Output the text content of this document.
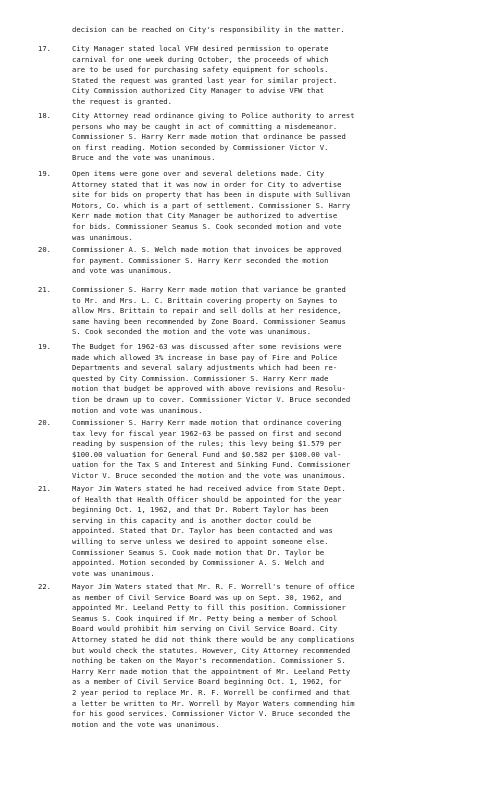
decision can be reached on City's responsibility in the matter.
17.	City Manager stated local VFW desired permission to operate
carnival for one week during October, the proceeds of which
are to be used for purchasing safety equipment for schools.
Stated the request was granted last year for similar project.
City Commission authorized City Manager to advise VFW that
the request is granted.
18.	City Attorney read ordinance giving to Police authority to arrest
persons who may be caught in act of committing a misdemeanor.
Commissioner S. Harry Kerr made motion that ordinance be passed
on first reading. Motion seconded by Commissioner Victor V.
Bruce and the vote was unanimous.
19.	Open items were gone over and several deletions made. City
Attorney stated that it was now in order for City to advertise
site for bids on property that has been in dispute with Sullivan
Motors, Co. which is a part of settlement. Commissioner S. Harry
Kerr made motion that City Manager be authorized to advertise
for bids. Commissioner Seamus S. Cook seconded motion and vote
was unanimous.
20.	Commissioner A. S. Welch made motion that invoices be approved
for payment. Commissioner S. Harry Kerr seconded the motion
and vote was unanimous.
21.	Commissioner S. Harry Kerr made motion that variance be granted
to Mr. and Mrs. L. C. Brittain covering property on Saynes to
allow Mrs. Brittain to repair and sell dolls at her residence,
same having been recommended by Zone Board. Commissioner Seamus
S. Cook seconded the motion and the vote was unanimous.
19.	The Budget for 1962-63 was discussed after some revisions were
made which allowed 3% increase in base pay of Fire and Police
Departments and several salary adjustments which had been re-
quested by City Commission. Commissioner S. Harry Kerr made
motion that budget be approved with above revisions and Resolu-
tion be drawn up to cover. Commissioner Victor V. Bruce seconded
motion and vote was unanimous.
20.	Commissioner S. Harry Kerr made motion that ordinance covering
tax levy for fiscal year 1962-63 be passed on first and second
reading by suspension of the rules; this levy being $1.579 per
$100.00 valuation for General Fund and $0.582 per $100.00 val-
uation for the Tax S and Interest and Sinking Fund. Commissioner
Victor V. Bruce seconded the motion and the vote was unanimous.
21.	Mayor Jim Waters stated he had received advice from State Dept.
of Health that Health Officer should be appointed for the year
beginning Oct. 1, 1962, and that Dr. Robert Taylor has been
serving in this capacity and is another doctor could be
appointed. Stated that Dr. Taylor has been contacted and was
willing to serve unless we desired to appoint someone else.
Commissioner Seamus S. Cook made motion that Dr. Taylor be
appointed. Motion seconded by Commissioner A. S. Welch and
vote was unanimous.
22.	Mayor Jim Waters stated that Mr. R. F. Worrell's tenure of office
as member of Civil Service Board was up on Sept. 30, 1962, and
appointed Mr. Leeland Petty to fill this position. Commissioner
Seamus S. Cook inquired if Mr. Petty being a member of School
Board would prohibit him serving on Civil Service Board. City
Attorney stated he did not think there would be any complications
but would check the statutes. However, City Attorney recommended
nothing be taken on the Mayor's recommendation. Commissioner S.
Harry Kerr made motion that the appointment of Mr. Leeland Petty
as a member of Civil Service Board beginning Oct. 1, 1962, for
2 year period to replace Mr. R. F. Worrell be confirmed and that
a letter be written to Mr. Worrell by Mayor Waters commending him
for his good services. Commissioner Victor V. Bruce seconded the
motion and the vote was unanimous.
